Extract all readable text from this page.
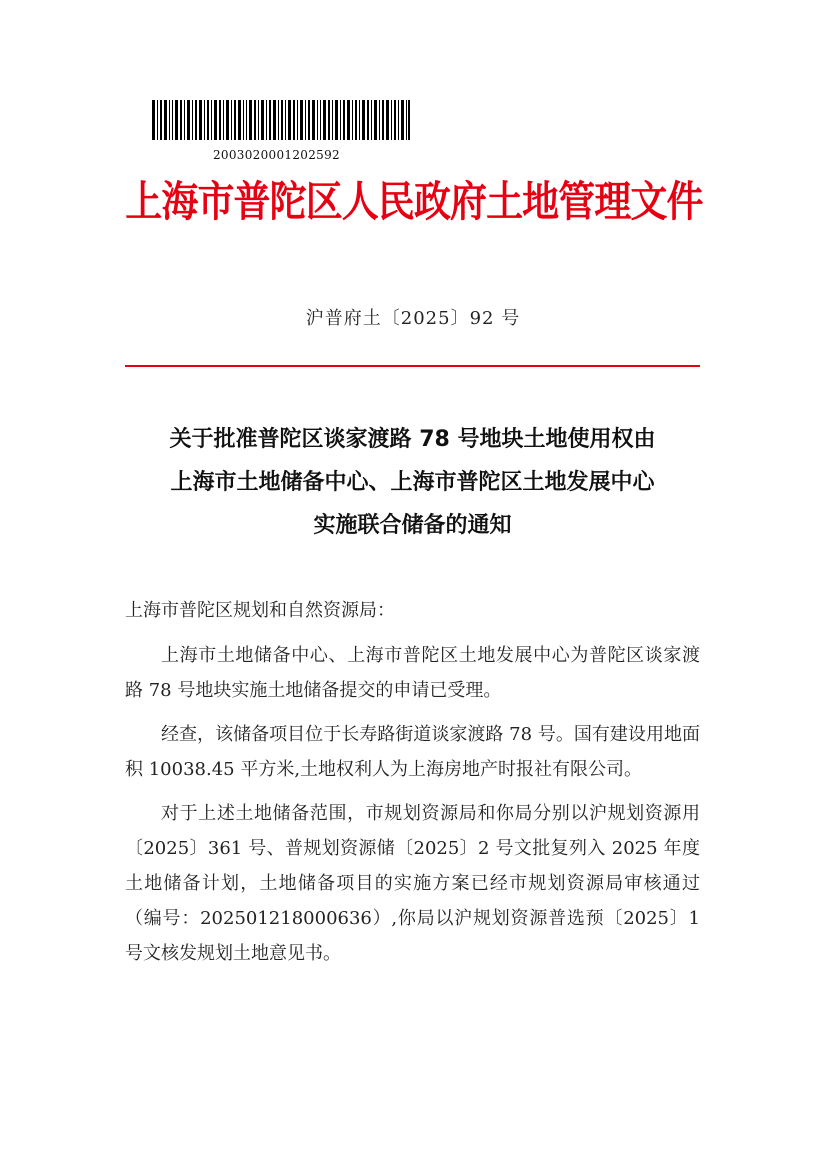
2003020001202592
上海市普陀区人民政府土地管理文件
沪普府土〔2025〕92 号
关于批准普陀区谈家渡路 78 号地块土地使用权由
上海市土地储备中心、上海市普陀区土地发展中心
实施联合储备的通知
上海市普陀区规划和自然资源局：

上海市土地储备中心、上海市普陀区土地发展中心为普陀区谈家渡路 78 号地块实施土地储备提交的申请已受理。

经查，该储备项目位于长寿路街道谈家渡路 78 号。国有建设用地面积 10038.45 平方米,土地权利人为上海房地产时报社有限公司。

对于上述土地储备范围，市规划资源局和你局分别以沪规划资源用〔2025〕361 号、普规划资源储〔2025〕2 号文批复列入 2025 年度土地储备计划，土地储备项目的实施方案已经市规划资源局审核通过（编号：202501218000636）,你局以沪规划资源普选预〔2025〕1 号文核发规划土地意见书。
